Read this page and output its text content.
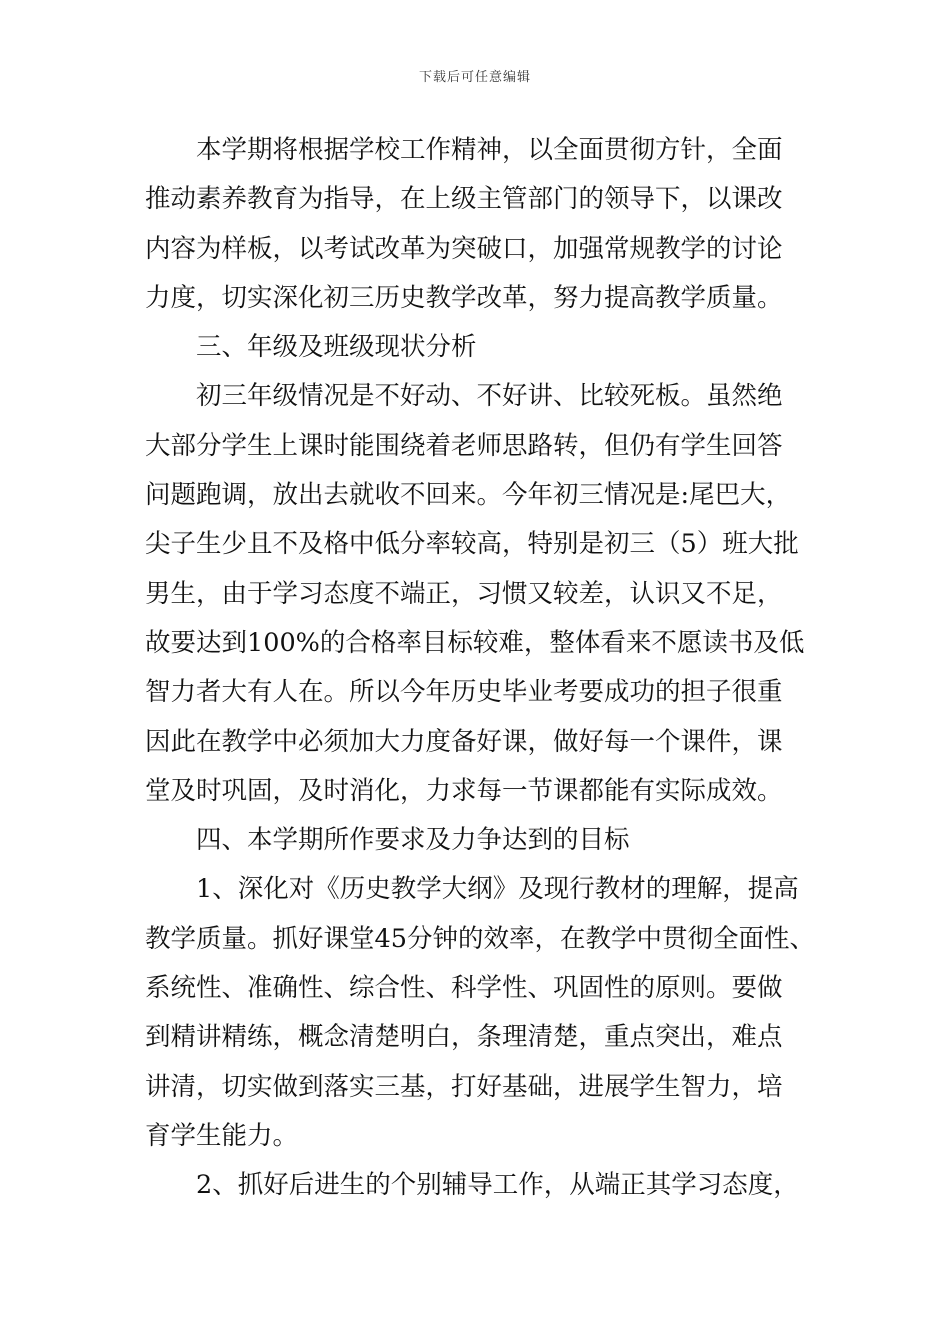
下载后可任意编辑
本学期将根据学校工作精神，以全面贯彻方针，全面
推动素养教育为指导，在上级主管部门的领导下，以课改
内容为样板，以考试改革为突破口，加强常规教学的讨论
力度，切实深化初三历史教学改革，努力提高教学质量。
三、年级及班级现状分析
初三年级情况是不好动、不好讲、比较死板。虽然绝
大部分学生上课时能围绕着老师思路转，但仍有学生回答
问题跑调，放出去就收不回来。今年初三情况是:尾巴大，
尖子生少且不及格中低分率较高，特别是初三（5）班大批
男生，由于学习态度不端正，习惯又较差，认识又不足，
故要达到100%的合格率目标较难，整体看来不愿读书及低
智力者大有人在。所以今年历史毕业考要成功的担子很重
因此在教学中必须加大力度备好课，做好每一个课件，课
堂及时巩固，及时消化，力求每一节课都能有实际成效。
四、本学期所作要求及力争达到的目标
1、深化对《历史教学大纲》及现行教材的理解，提高
教学质量。抓好课堂45分钟的效率，在教学中贯彻全面性、
系统性、准确性、综合性、科学性、巩固性的原则。要做
到精讲精练，概念清楚明白，条理清楚，重点突出，难点
讲清，切实做到落实三基，打好基础，进展学生智力，培
育学生能力。
2、抓好后进生的个别辅导工作，从端正其学习态度，
